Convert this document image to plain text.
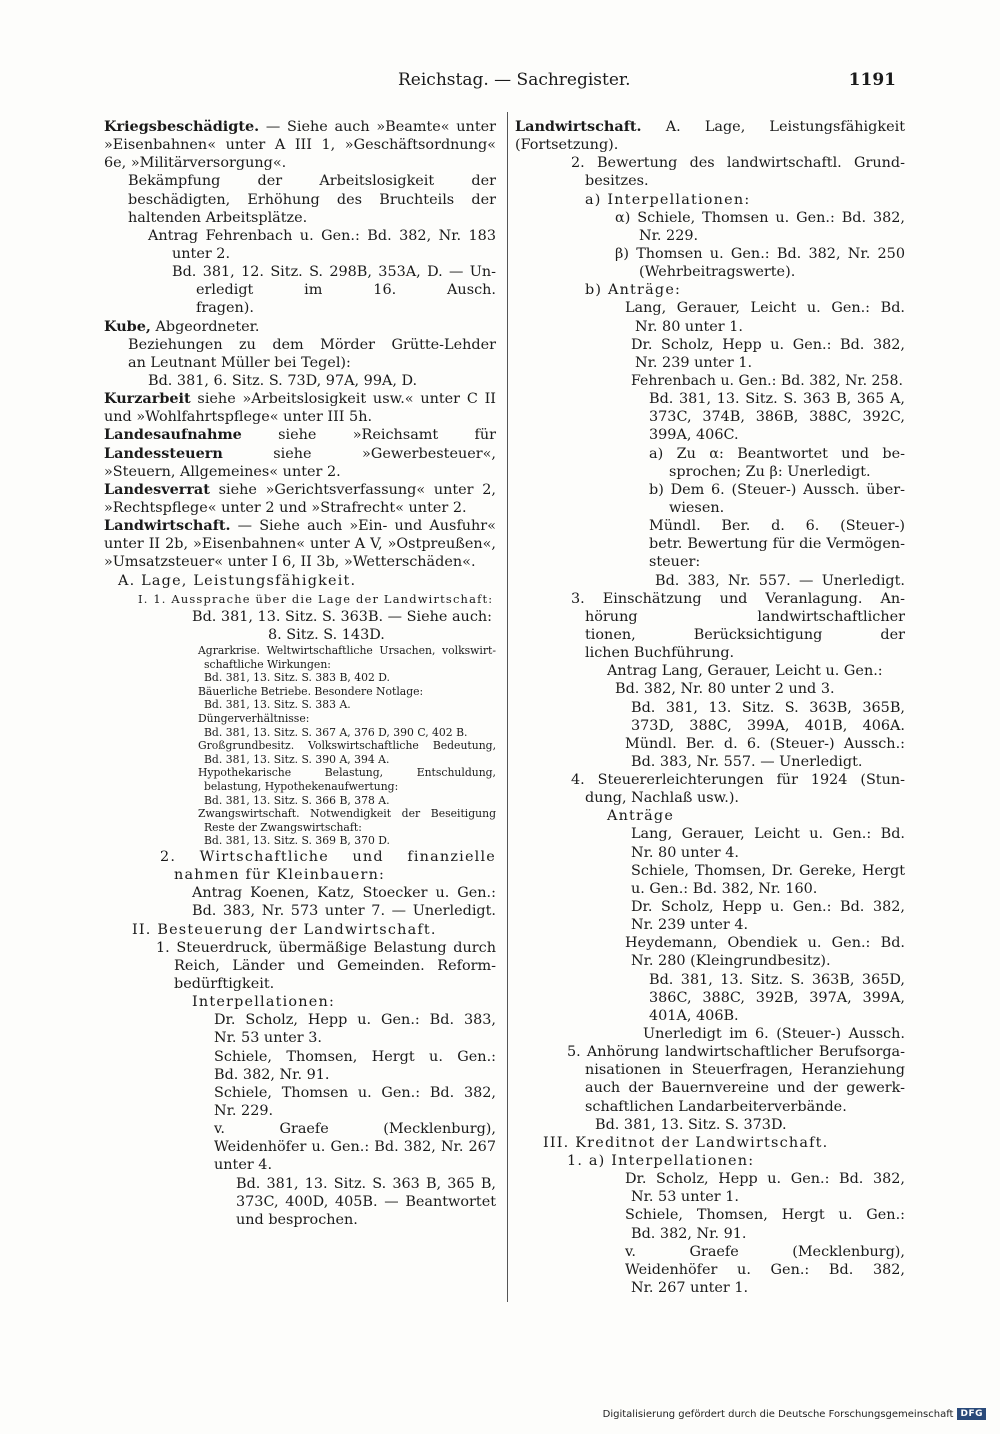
Reichstag. — Sachregister.	1191
Kriegsbeschädigte. — Siehe auch »Beamte« unter
»Eisenbahnen« unter A III 1, »Geschäftsordnung«
6e, »Militärversorgung«.
Bekämpfung der Arbeitslosigkeit der
beschädigten, Erhöhung des Bruchteils der
haltenden Arbeitsplätze.
Antrag Fehrenbach u. Gen.: Bd. 382, Nr. 183
unter 2.
Bd. 381, 12. Sitz. S. 298B, 353A, D. — Un-
erledigt im 16. Ausch.
fragen).
Kube, Abgeordneter.
Beziehungen zu dem Mörder Grütte-Lehder
an Leutnant Müller bei Tegel):
Bd. 381, 6. Sitz. S. 73D, 97A, 99A, D.
Kurzarbeit siehe »Arbeitslosigkeit usw.« unter C II
und »Wohlfahrtspflege« unter III 5h.
Landesaufnahme	siehe »Reichsamt für
Landessteuern	siehe »Gewerbesteuer«,
»Steuern, Allgemeines« unter 2.
Landesverrat siehe »Gerichtsverfassung« unter 2,
»Rechtspflege« unter 2 und »Strafrecht« unter 2.
Landwirtschaft. — Siehe auch »Ein- und Ausfuhr«
unter II 2b, »Eisenbahnen« unter A V, »Ostpreußen«,
»Umsatzsteuer« unter I 6, II 3b, »Wetterschäden«.
A. Lage, Leistungsfähigkeit.
I. 1. Aussprache über die Lage der Landwirtschaft:
Bd. 381, 13. Sitz. S. 363B. — Siehe auch:
8. Sitz. S. 143D.
Agrarkrise. Weltwirtschaftliche Ursachen, volkswirt-
schaftliche Wirkungen:
Bd. 381, 13. Sitz. S. 383 B, 402 D.
Bäuerliche Betriebe. Besondere Notlage:
Bd. 381, 13. Sitz. S. 383 A.
Düngerverhältnisse:
Bd. 381, 13. Sitz. S. 367 A, 376 D, 390 C, 402 B.
Großgrundbesitz. Volkswirtschaftliche Bedeutung,
Bd. 381, 13. Sitz. S. 390 A, 394 A.
Hypothekarische Belastung, Entschuldung,
belastung, Hypothekenaufwertung:
Bd. 381, 13. Sitz. S. 366 B, 378 A.
Zwangswirtschaft. Notwendigkeit der Beseitigung
Reste der Zwangswirtschaft:
Bd. 381, 13. Sitz. S. 369 B, 370 D.
2. Wirtschaftliche und finanzielle
nahmen für Kleinbauern:
Antrag Koenen, Katz, Stoecker u. Gen.:
Bd. 383, Nr. 573 unter 7. — Unerledigt.
II. Besteuerung der Landwirtschaft.
1. Steuerdruck, übermäßige Belastung durch
Reich, Länder und Gemeinden. Reform-
bedürftigkeit.
Interpellationen:
Dr. Scholz, Hepp u. Gen.: Bd. 383,
Nr. 53 unter 3.
Schiele, Thomsen, Hergt u. Gen.:
Bd. 382, Nr. 91.
Schiele, Thomsen u. Gen.: Bd. 382,
Nr. 229.
v. Graefe (Mecklenburg),
Weidenhöfer u. Gen.: Bd. 382, Nr. 267
unter 4.
Bd. 381, 13. Sitz. S. 363 B, 365 B,
373C, 400D, 405B. — Beantwortet
und besprochen.
Landwirtschaft. A. Lage, Leistungsfähigkeit
(Fortsetzung).
2. Bewertung des landwirtschaftl. Grund-
besitzes.
a) Interpellationen:
α) Schiele, Thomsen u. Gen.: Bd. 382,
Nr. 229.
β) Thomsen u. Gen.: Bd. 382, Nr. 250
(Wehrbeitragswerte).
b) Anträge:
Lang, Gerauer, Leicht u. Gen.: Bd.
Nr. 80 unter 1.
Dr. Scholz, Hepp u. Gen.: Bd. 382,
Nr. 239 unter 1.
Fehrenbach u. Gen.: Bd. 382, Nr. 258.
Bd. 381, 13. Sitz. S. 363 B, 365 A,
373C, 374B, 386B, 388C, 392C,
399A, 406C.
a) Zu α: Beantwortet und be-
sprochen; Zu β: Unerledigt.
b) Dem 6. (Steuer-) Aussch. über-
wiesen.
Mündl. Ber. d. 6. (Steuer-)
betr. Bewertung für die Vermögen-
steuer:
Bd. 383, Nr. 557. — Unerledigt.
3. Einschätzung und Veranlagung. An-
hörung landwirtschaftlicher
tionen, Berücksichtigung der
lichen Buchführung.
Antrag Lang, Gerauer, Leicht u. Gen.:
Bd. 382, Nr. 80 unter 2 und 3.
Bd. 381, 13. Sitz. S. 363B, 365B,
373D, 388C, 399A, 401B, 406A.
Mündl. Ber. d. 6. (Steuer-) Aussch.:
Bd. 383, Nr. 557. — Unerledigt.
4. Steuererleichterungen für 1924 (Stun-
dung, Nachlaß usw.).
Anträge
Lang, Gerauer, Leicht u. Gen.: Bd.
Nr. 80 unter 4.
Schiele, Thomsen, Dr. Gereke, Hergt
u. Gen.: Bd. 382, Nr. 160.
Dr. Scholz, Hepp u. Gen.: Bd. 382,
Nr. 239 unter 4.
Heydemann, Obendiek u. Gen.: Bd.
Nr. 280 (Kleingrundbesitz).
Bd. 381, 13. Sitz. S. 363B, 365D,
386C, 388C, 392B, 397A, 399A,
401A, 406B.
Unerledigt im 6. (Steuer-) Aussch.
5. Anhörung landwirtschaftlicher Berufsorga-
nisationen in Steuerfragen, Heranziehung
auch der Bauernvereine und der gewerk-
schaftlichen Landarbeiterverbände.
Bd. 381, 13. Sitz. S. 373D.
III. Kreditnot der Landwirtschaft.
1. a) Interpellationen:
Dr. Scholz, Hepp u. Gen.: Bd. 382,
Nr. 53 unter 1.
Schiele, Thomsen, Hergt u. Gen.:
Bd. 382, Nr. 91.
v. Graefe (Mecklenburg),
Weidenhöfer u. Gen.: Bd. 382,
Nr. 267 unter 1.
Digitalisierung gefördert durch die Deutsche Forschungsgemeinschaft DFG
